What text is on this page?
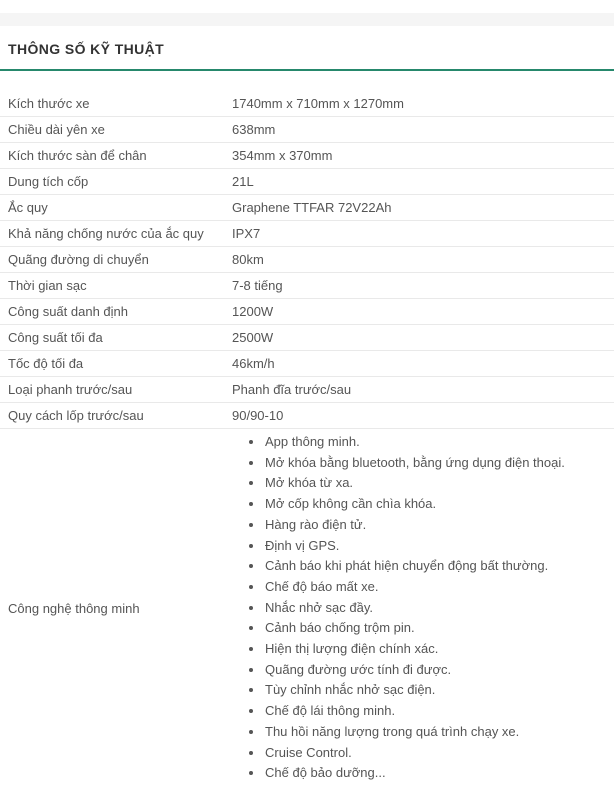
THÔNG SỐ KỸ THUẬT
Kích thước xe	1740mm x 710mm x 1270mm
Chiều dài yên xe	638mm
Kích thước sàn để chân	354mm x 370mm
Dung tích cốp	21L
Ắc quy	Graphene TTFAR 72V22Ah
Khả năng chống nước của ắc quy	IPX7
Quãng đường di chuyển	80km
Thời gian sạc	7-8 tiếng
Công suất danh định	1200W
Công suất tối đa	2500W
Tốc độ tối đa	46km/h
Loại phanh trước/sau	Phanh đĩa trước/sau
Quy cách lốp trước/sau	90/90-10
Công nghệ thông minh
• App thông minh.
• Mở khóa bằng bluetooth, bằng ứng dụng điện thoại.
• Mở khóa từ xa.
• Mở cốp không cần chìa khóa.
• Hàng rào điện tử.
• Định vị GPS.
• Cảnh báo khi phát hiện chuyển động bất thường.
• Chế độ báo mất xe.
• Nhắc nhở sạc đầy.
• Cảnh báo chống trộm pin.
• Hiện thị lượng điện chính xác.
• Quãng đường ước tính đi được.
• Tùy chỉnh nhắc nhở sạc điện.
• Chế độ lái thông minh.
• Thu hồi năng lượng trong quá trình chạy xe.
• Cruise Control.
• Chế độ bảo dưỡng...
